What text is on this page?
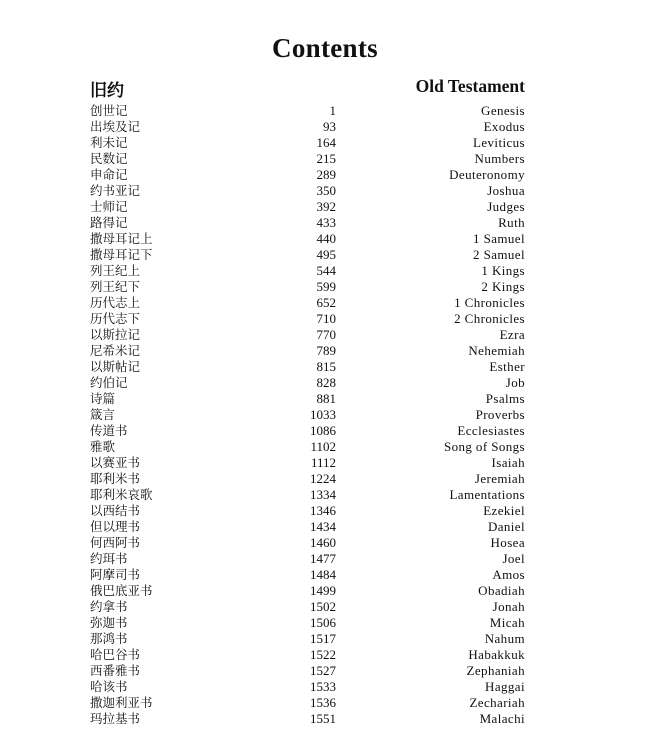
Contents
旧约	Old Testament
创世记	1	Genesis
出埃及记	93	Exodus
利未记	164	Leviticus
民数记	215	Numbers
申命记	289	Deuteronomy
约书亚记	350	Joshua
士师记	392	Judges
路得记	433	Ruth
撒母耳记上	440	1 Samuel
撒母耳记下	495	2 Samuel
列王纪上	544	1 Kings
列王纪下	599	2 Kings
历代志上	652	1 Chronicles
历代志下	710	2 Chronicles
以斯拉记	770	Ezra
尼希米记	789	Nehemiah
以斯帖记	815	Esther
约伯记	828	Job
诗篇	881	Psalms
箴言	1033	Proverbs
传道书	1086	Ecclesiastes
雅歌	1102	Song of Songs
以赛亚书	1112	Isaiah
耶利米书	1224	Jeremiah
耶利米哀歌	1334	Lamentations
以西结书	1346	Ezekiel
但以理书	1434	Daniel
何西阿书	1460	Hosea
约珥书	1477	Joel
阿摩司书	1484	Amos
俄巴底亚书	1499	Obadiah
约拿书	1502	Jonah
弥迦书	1506	Micah
那鸿书	1517	Nahum
哈巴谷书	1522	Habakkuk
西番雅书	1527	Zephaniah
哈该书	1533	Haggai
撒迦利亚书	1536	Zechariah
玛拉基书	1551	Malachi
